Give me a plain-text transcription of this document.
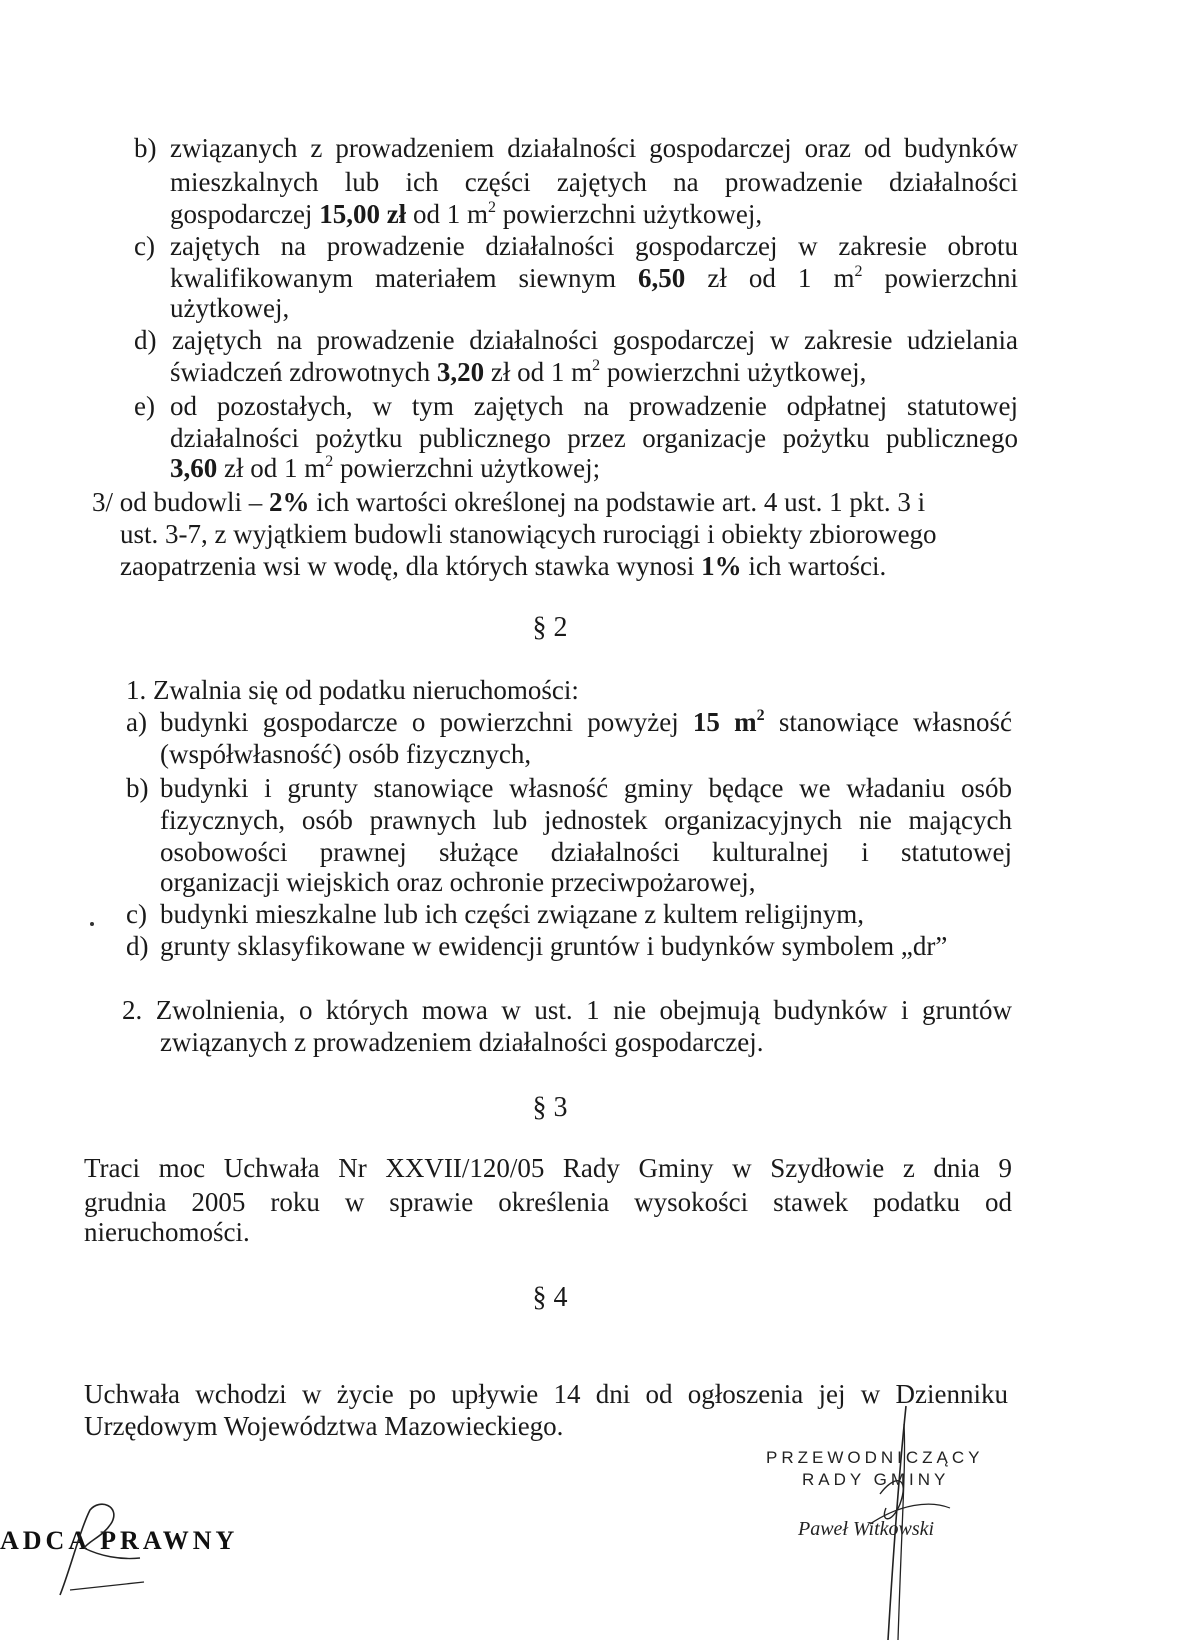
b) związanych z prowadzeniem działalności gospodarczej oraz od budynków
mieszkalnych lub ich części zajętych na prowadzenie działalności
gospodarczej 15,00 zł od 1 $m^2$ powierzchni użytkowej,
c) zajętych na prowadzenie działalności gospodarczej w zakresie obrotu
kwalifikowanym materiałem siewnym 6,50 zł od 1 $m^2$ powierzchni
użytkowej,
d) zajętych na prowadzenie działalności gospodarczej w zakresie udzielania
świadczeń zdrowotnych 3,20 zł od 1 $m^2$ powierzchni użytkowej,
e) od pozostałych, w tym zajętych na prowadzenie odpłatnej statutowej
działalności pożytku publicznego przez organizacje pożytku publicznego
3,60 zł od 1 $m^2$ powierzchni użytkowej;
3/ od budowli – 2% ich wartości określonej na podstawie art. 4 ust. 1 pkt. 3 i
ust. 3-7, z wyjątkiem budowli stanowiących rurociągi i obiekty zbiorowego
zaopatrzenia wsi w wodę, dla których stawka wynosi 1% ich wartości.
§ 2
1. Zwalnia się od podatku nieruchomości:
a) budynki gospodarcze o powierzchni powyżej 15 $m^2$ stanowiące własność
(współwłasność) osób fizycznych,
b) budynki i grunty stanowiące własność gminy będące we władaniu osób
fizycznych, osób prawnych lub jednostek organizacyjnych nie mających
osobowości prawnej służące działalności kulturalnej i statutowej
organizacji wiejskich oraz ochronie przeciwpożarowej,
c) budynki mieszkalne lub ich części związane z kultem religijnym,
d) grunty sklasyfikowane w ewidencji gruntów i budynków symbolem „dr”
2. Zwolnienia, o których mowa w ust. 1 nie obejmują budynków i gruntów
związanych z prowadzeniem działalności gospodarczej.
§ 3
Traci moc Uchwała Nr XXVII/120/05 Rady Gminy w Szydłowie z dnia 9
grudnia 2005 roku w sprawie określenia wysokości stawek podatku od
nieruchomości.
§ 4
Uchwała wchodzi w życie po upływie 14 dni od ogłoszenia jej w Dzienniku
Urzędowym Województwa Mazowieckiego.
PRZEWODNICZĄCY
RADY GMINY
Paweł Witkowski
ADCA PRAWNY
